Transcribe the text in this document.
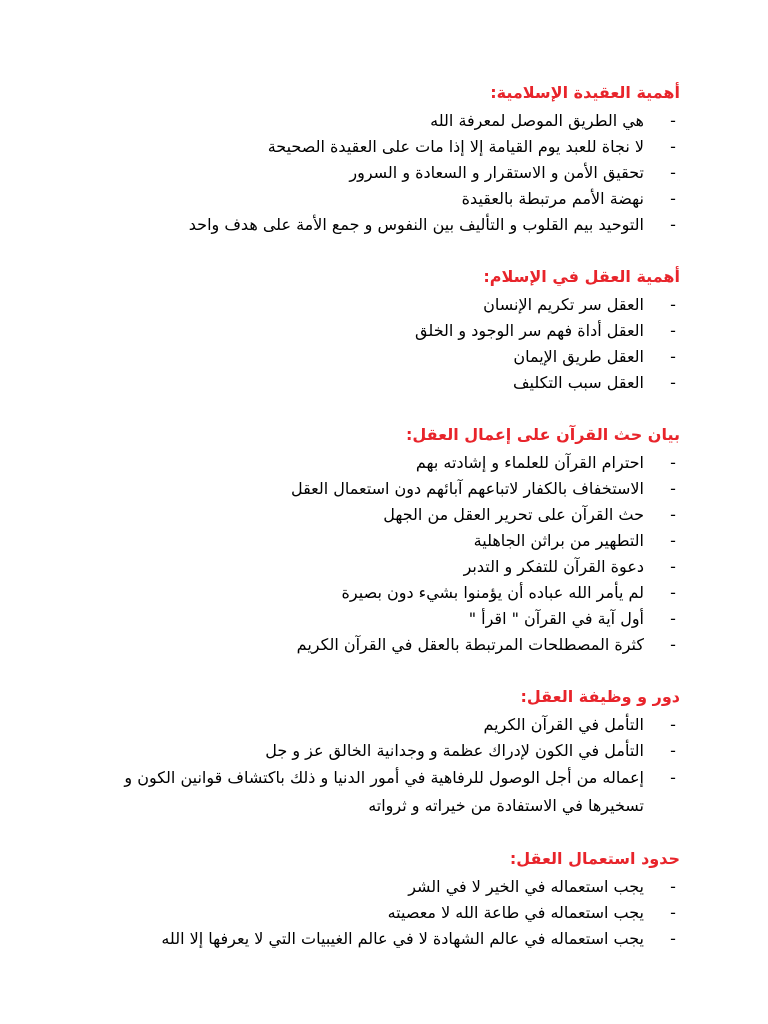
أهمية العقيدة الإسلامية:
-
هي الطريق الموصل لمعرفة الله
-
لا نجاة للعبد يوم القيامة إلا إذا مات على العقيدة الصحيحة
-
تحقيق الأمن و الاستقرار و السعادة و السرور
-
نهضة الأمم مرتبطة بالعقيدة
-
التوحيد بيم القلوب و التأليف بين النفوس و جمع الأمة على هدف واحد
أهمية العقل في الإسلام:
-
العقل سر تكريم الإنسان
-
العقل أداة فهم سر الوجود و الخلق
-
العقل طريق الإيمان
-
العقل سبب التكليف
بيان حث القرآن على إعمال العقل:
-
احترام القرآن للعلماء و إشادته بهم
-
الاستخفاف بالكفار لاتباعهم آبائهم دون استعمال العقل
-
حث القرآن على تحرير العقل من الجهل
-
التطهير من براثن الجاهلية
-
دعوة القرآن للتفكر و التدبر
-
لم يأمر الله عباده أن يؤمنوا بشيء دون بصيرة
-
أول آية في القرآن " اقرأ "
-
كثرة المصطلحات المرتبطة بالعقل في القرآن الكريم
دور و وظيفة العقل:
-
التأمل في القرآن الكريم
-
التأمل في الكون لإدراك عظمة و وجدانية الخالق عز و جل
-
إعماله من أجل الوصول للرفاهية في أمور الدنيا و ذلك باكتشاف قوانين الكون و تسخيرها في الاستفادة من خيراته و ثرواته
حدود استعمال العقل:
-
يجب استعماله في الخير لا في الشر
-
يجب استعماله في طاعة الله لا معصيته
-
يجب استعماله في عالم الشهادة لا في عالم الغيبيات التي لا يعرفها إلا الله
